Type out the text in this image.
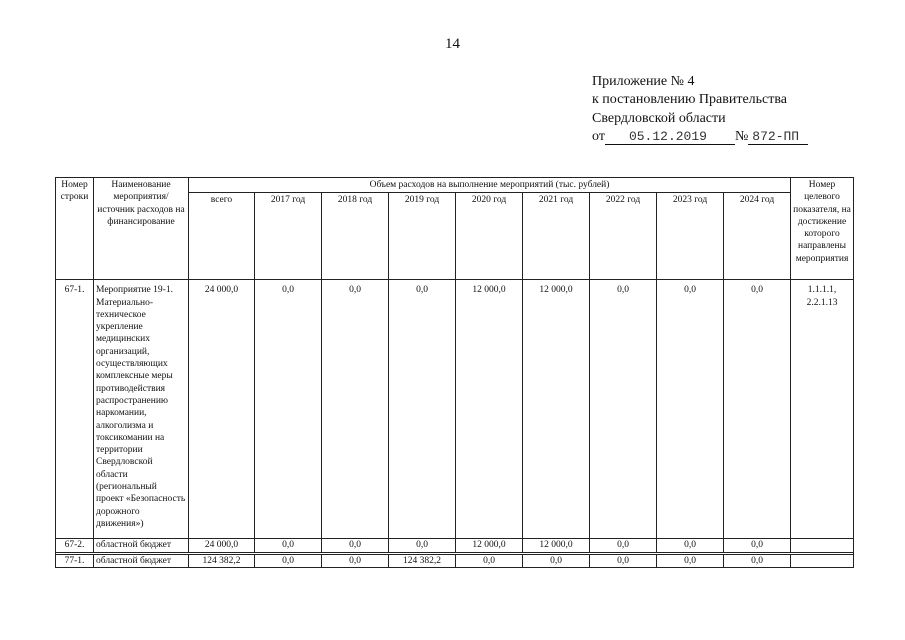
14
Приложение № 4
к постановлению Правительства
Свердловской области
от 05.12.2019 № 872-ПП
Номер строки	Наименование мероприятия/ источник расходов на финансирование	Объем расходов на выполнение мероприятий (тыс. рублей)									Номер целевого показателя, на достижение которого направлены мероприятия
		всего	2017 год	2018 год	2019 год	2020 год	2021 год	2022 год	2023 год	2024 год	
67-1.	Мероприятие 19-1. Материально-техническое укрепление медицинских организаций, осуществляющих комплексные меры противодействия распространению наркомании, алкоголизма и токсикомании на территории Свердловской области (региональный проект «Безопасность дорожного движения»)	24 000,0	0,0	0,0	0,0	12 000,0	12 000,0	0,0	0,0	0,0	1.1.1.1, 2.2.1.13
67-2.	областной бюджет	24 000,0	0,0	0,0	0,0	12 000,0	12 000,0	0,0	0,0	0,0	

77-1.	областной бюджет	124 382,2	0,0	0,0	124 382,2	0,0	0,0	0,0	0,0	0,0	
